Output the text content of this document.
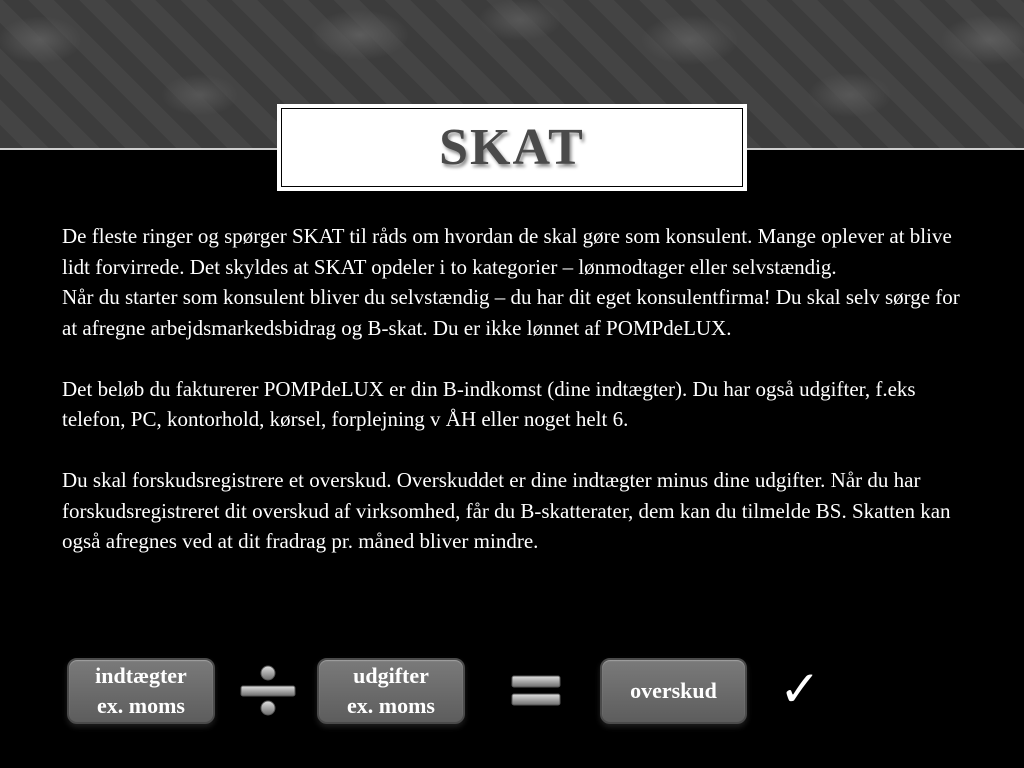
SKAT

De fleste ringer og spørger SKAT til råds om hvordan de skal gøre som konsulent. Mange oplever at blive lidt forvirrede. Det skyldes at SKAT opdeler i to kategorier – lønmodtager eller selvstændig.

Når du starter som konsulent bliver du selvstændig – du har dit eget konsulentfirma! Du skal selv sørge for at afregne arbejdsmarkedsbidrag og B-skat. Du er ikke lønnet af POMPdeLUX.

Det beløb du fakturerer POMPdeLUX er din B-indkomst (dine indtægter). Du har også udgifter, f.eks telefon, PC, kontorhold, kørsel, forplejning v ÅH eller noget helt 6.

Du skal forskudsregistrere et overskud. Overskuddet er dine indtægter minus dine udgifter. Når du har forskudsregistreret dit overskud af virksomhed, får du B-skatterater, dem kan du tilmelde BS. Skatten kan også afregnes ved at dit fradrag pr. måned bliver mindre.

indtægter
ex. moms
udgifter
ex. moms
overskud	✓
